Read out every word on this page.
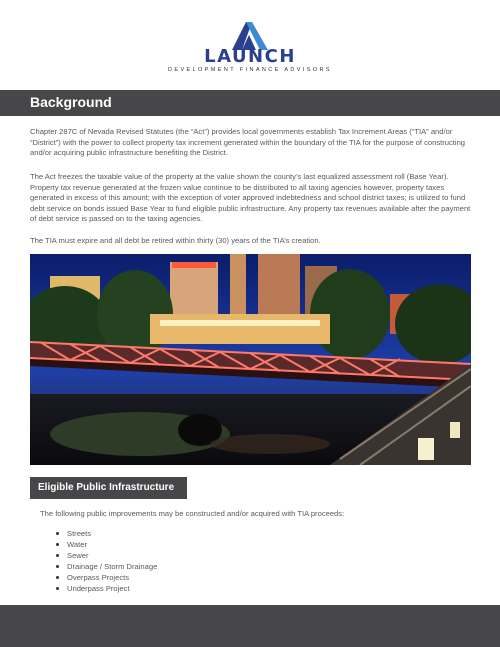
LAUNCH
DEVELOPMENT FINANCE ADVISORS
Background

Chapter 287C of Nevada Revised Statutes (the “Act”) provides local governments establish Tax Increment Areas (“TIA” and/or “District”) with the power to collect property tax increment generated within the boundary of the TIA for the purpose of constructing and/or acquiring public infrastructure benefiting the District.

The Act freezes the taxable value of the property at the value shown the county’s last equalized assessment roll (Base Year). Property tax revenue generated at the frozen value continue to be distributed to all taxing agencies however, property taxes generated in excess of this amount; with the exception of voter approved indebtedness and school district taxes; is utilized to fund debt service on bonds issued Base Year to fund eligible public infrastructure. Any property tax revenues available after the payment of debt service is passed on to the taxing agencies.

The TIA must expire and all debt be retired within thirty (30) years of the TIA’s creation.

Eligible Public Infrastructure

The following public improvements may be constructed and/or acquired with TIA proceeds:

Streets
Water
Sewer
Drainage / Storm Drainage
Overpass Projects
Underpass Project
